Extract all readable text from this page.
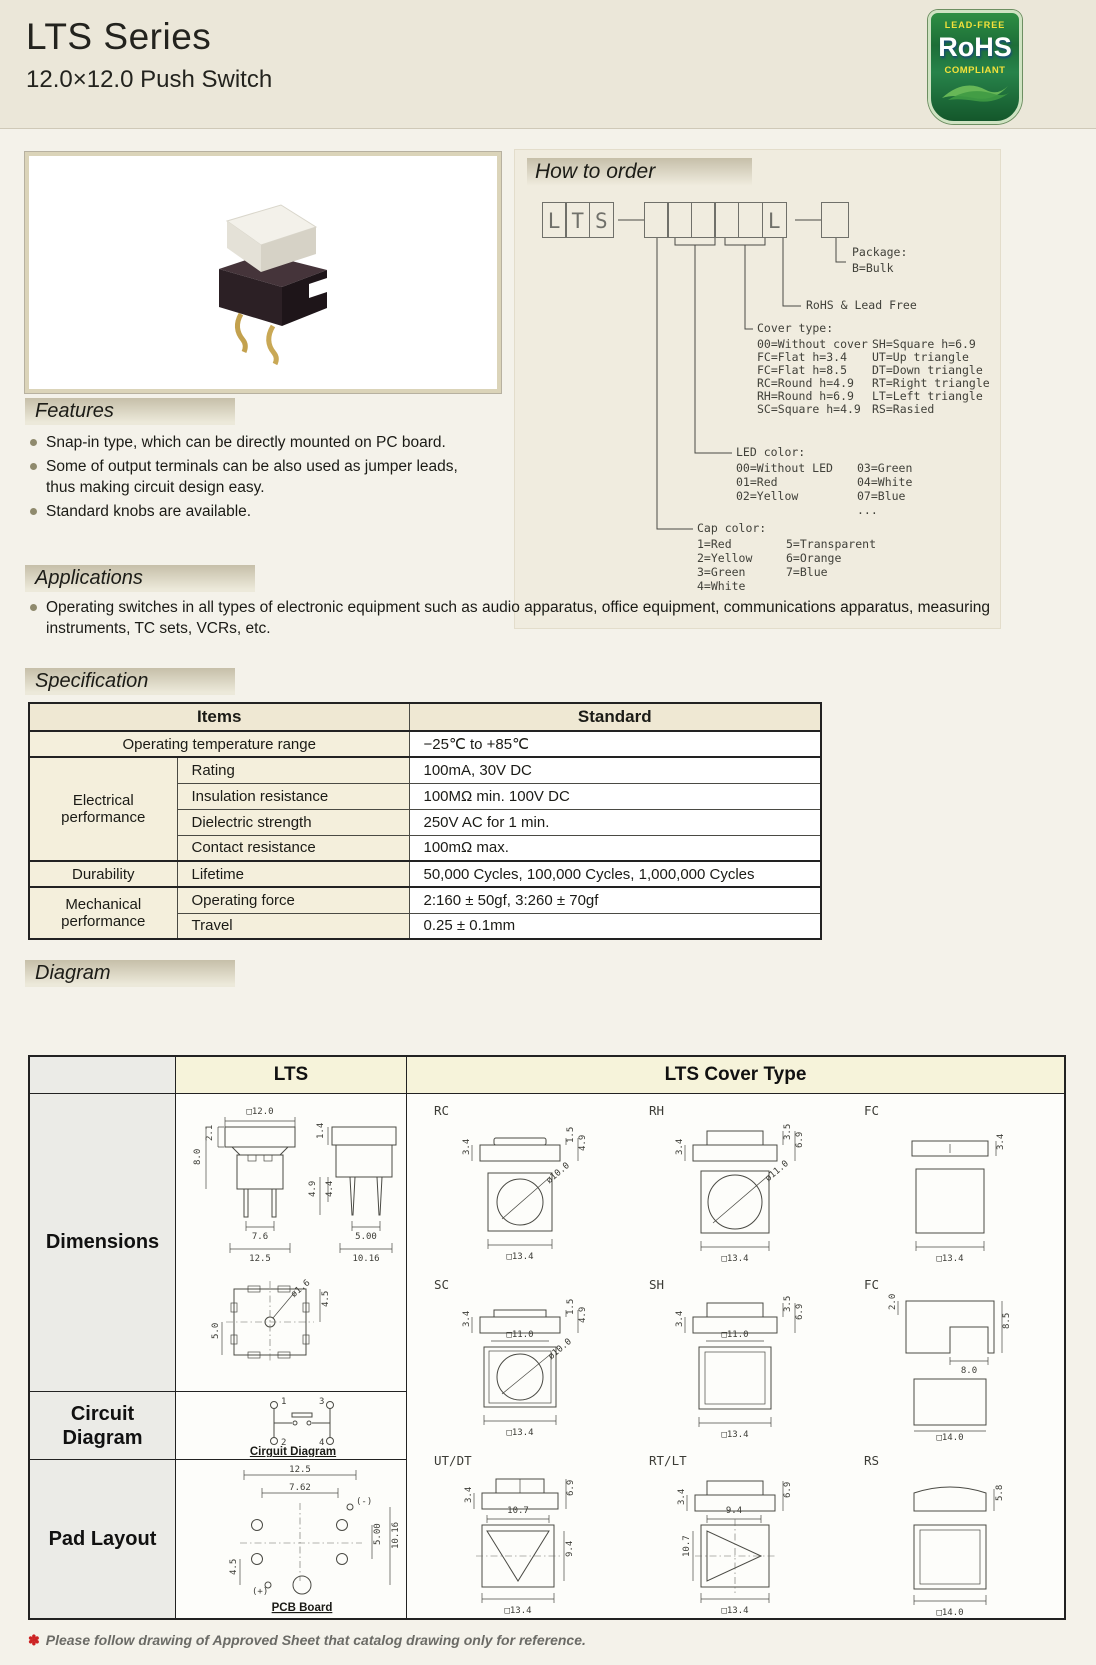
LTS Series
12.0×12.0 Push Switch
LEAD-FREE
RoHS
COMPLIANT
How to order
L T S	L
Package:
B=Bulk
RoHS & Lead Free
Cover type:
00=Without cover
FC=Flat h=3.4
FC=Flat h=8.5
RC=Round h=4.9
RH=Round h=6.9
SC=Square h=4.9
SH=Square h=6.9
UT=Up triangle
DT=Down triangle
RT=Right triangle
LT=Left triangle
RS=Rasied
LED color:
00=Without LED
01=Red
02=Yellow
03=Green
04=White
07=Blue
...
Cap color:
1=Red
2=Yellow
3=Green
4=White
5=Transparent
6=Orange
7=Blue
Features
Snap-in type, which can be directly mounted on PC board.
Some of output terminals can be also used as jumper leads, thus making circuit design easy.
Standard knobs are available.
Applications
Operating switches in all types of electronic equipment such as audio apparatus, office equipment, communications apparatus, measuring instruments, TC sets, VCRs, etc.
Specification
Items		Standard
Operating temperature range		−25℃ to +85℃
Electrical performance	Rating	100mA, 30V DC
	Insulation resistance	100MΩ min. 100V DC
	Dielectric strength	250V AC for 1 min.
	Contact resistance	100mΩ max.
Durability	Lifetime	50,000 Cycles, 100,000 Cycles, 1,000,000 Cycles
Mechanical performance	Operating force	2:160 ± 50gf, 3:260 ± 70gf
	Travel	0.25 ± 0.1mm
Diagram
LTS	LTS Cover Type
Dimensions
Circuit Diagram
Pad Layout
□12.0
2.1
8.0
7.6
12.5
1.4
4.9 4.4
5.00
10.16
ø1.6 4.5
5.0
1	3
2	4
Cirguit Diagram
12.5
7.62
(-)
(+)
4.5
5.00 10.16
PCB Board
RC
3.4
1.5 4.9
ø10.0
□13.4
RH
3.4
3.5 6.9
ø11.0
□13.4
FC
3.4
□13.4
SC
3.4
1.5 4.9
□11.0
ø10.0
□13.4
SH
3.4
3.5 6.9
□11.0
□13.4
FC
2.0
8.5
8.0
□14.0
UT/DT
3.4	6.9
10.7
9.4
□13.4
RT/LT
3.4	6.9
9.4
10.7
□13.4
RS
5.8
□14.0
✽ Please follow drawing of Approved Sheet that catalog drawing only for reference.
